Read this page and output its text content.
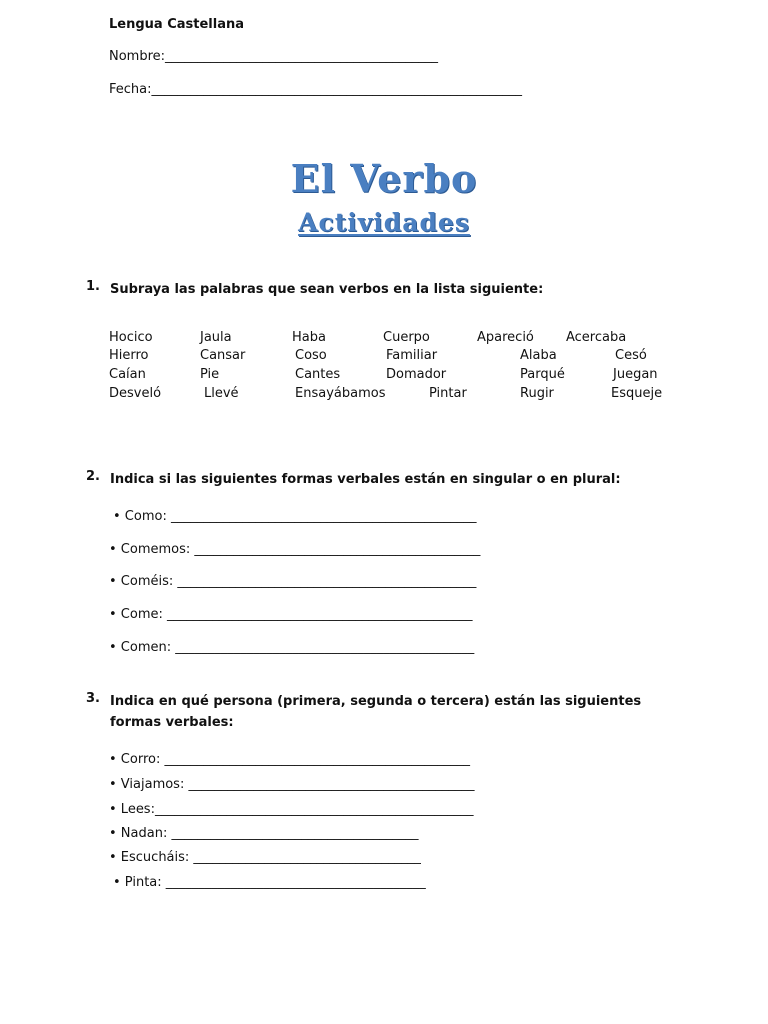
Lengua Castellana
Nombre:__________________________________________
Fecha:_________________________________________________________
El Verbo
Actividades

1.

Subraya las palabras que sean verbos en la lista siguiente:

Hocico	Jaula	Haba	Cuerpo	Apareció Acercaba
Hierro	Cansar	Coso	Familiar	Alaba	Cesó
Caían	Pie	Cantes	Domador	Parqué	Juegan
Desveló	Llevé	Ensayábamos	Pintar	Rugir	Esqueje

2.

Indica si las siguientes formas verbales están en singular o en plural:

• Como: _______________________________________________
• Comemos: ____________________________________________
• Coméis: ______________________________________________
• Come: _______________________________________________
• Comen: ______________________________________________

3.

Indica en qué persona (primera, segunda o tercera) están las siguientes formas verbales:

• Corro: _______________________________________________
• Viajamos: ____________________________________________
• Lees:_________________________________________________
• Nadan: ______________________________________
• Escucháis: ___________________________________
• Pinta: ________________________________________
